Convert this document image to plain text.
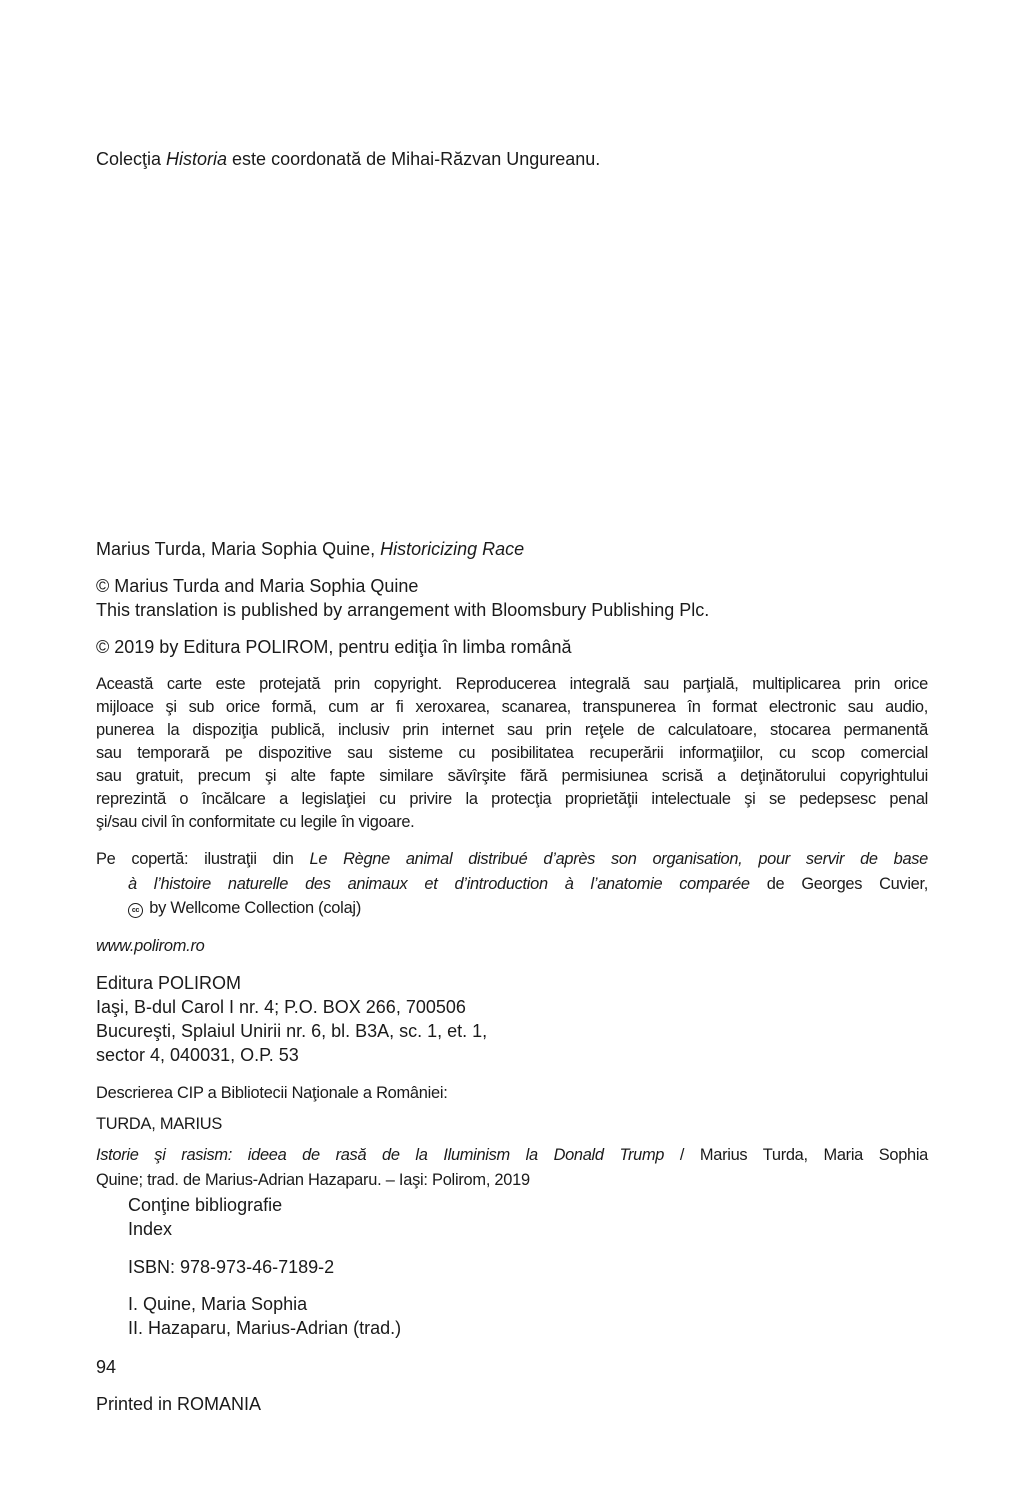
Colecţia Historia este coordonată de Mihai-Răzvan Ungureanu.
Marius Turda, Maria Sophia Quine, Historicizing Race
© Marius Turda and Maria Sophia Quine
This translation is published by arrangement with Bloomsbury Publishing Plc.
© 2019 by Editura POLIROM, pentru ediţia în limba română
Această carte este protejată prin copyright. Reproducerea integrală sau parţială, multiplicarea prin orice
mijloace şi sub orice formă, cum ar fi xeroxarea, scanarea, transpunerea în format electronic sau audio,
punerea la dispoziţia publică, inclusiv prin internet sau prin reţele de calculatoare, stocarea permanentă
sau temporară pe dispozitive sau sisteme cu posibilitatea recuperării informaţiilor, cu scop comercial
sau gratuit, precum şi alte fapte similare săvîrşite fără permisiunea scrisă a deţinătorului copyrightului
reprezintă o încălcare a legislaţiei cu privire la protecţia proprietăţii intelectuale şi se pedepsesc penal
şi/sau civil în conformitate cu legile în vigoare.
Pe copertă: ilustraţii din Le Règne animal distribué d’après son organisation, pour servir de base
à l’histoire naturelle des animaux et d’introduction à l’anatomie comparée de Georges Cuvier,
cc by Wellcome Collection (colaj)
www.polirom.ro
Editura POLIROM
Iaşi, B-dul Carol I nr. 4; P.O. BOX 266, 700506
Bucureşti, Splaiul Unirii nr. 6, bl. B3A, sc. 1, et. 1,
sector 4, 040031, O.P. 53
Descrierea CIP a Bibliotecii Naţionale a României:
TURDA, MARIUS
Istorie şi rasism: ideea de rasă de la Iluminism la Donald Trump / Marius Turda, Maria Sophia
Quine; trad. de Marius-Adrian Hazaparu. – Iaşi: Polirom, 2019
Conţine bibliografie
Index
ISBN: 978-973-46-7189-2
I. Quine, Maria Sophia
II. Hazaparu, Marius-Adrian (trad.)
94
Printed in ROMANIA
